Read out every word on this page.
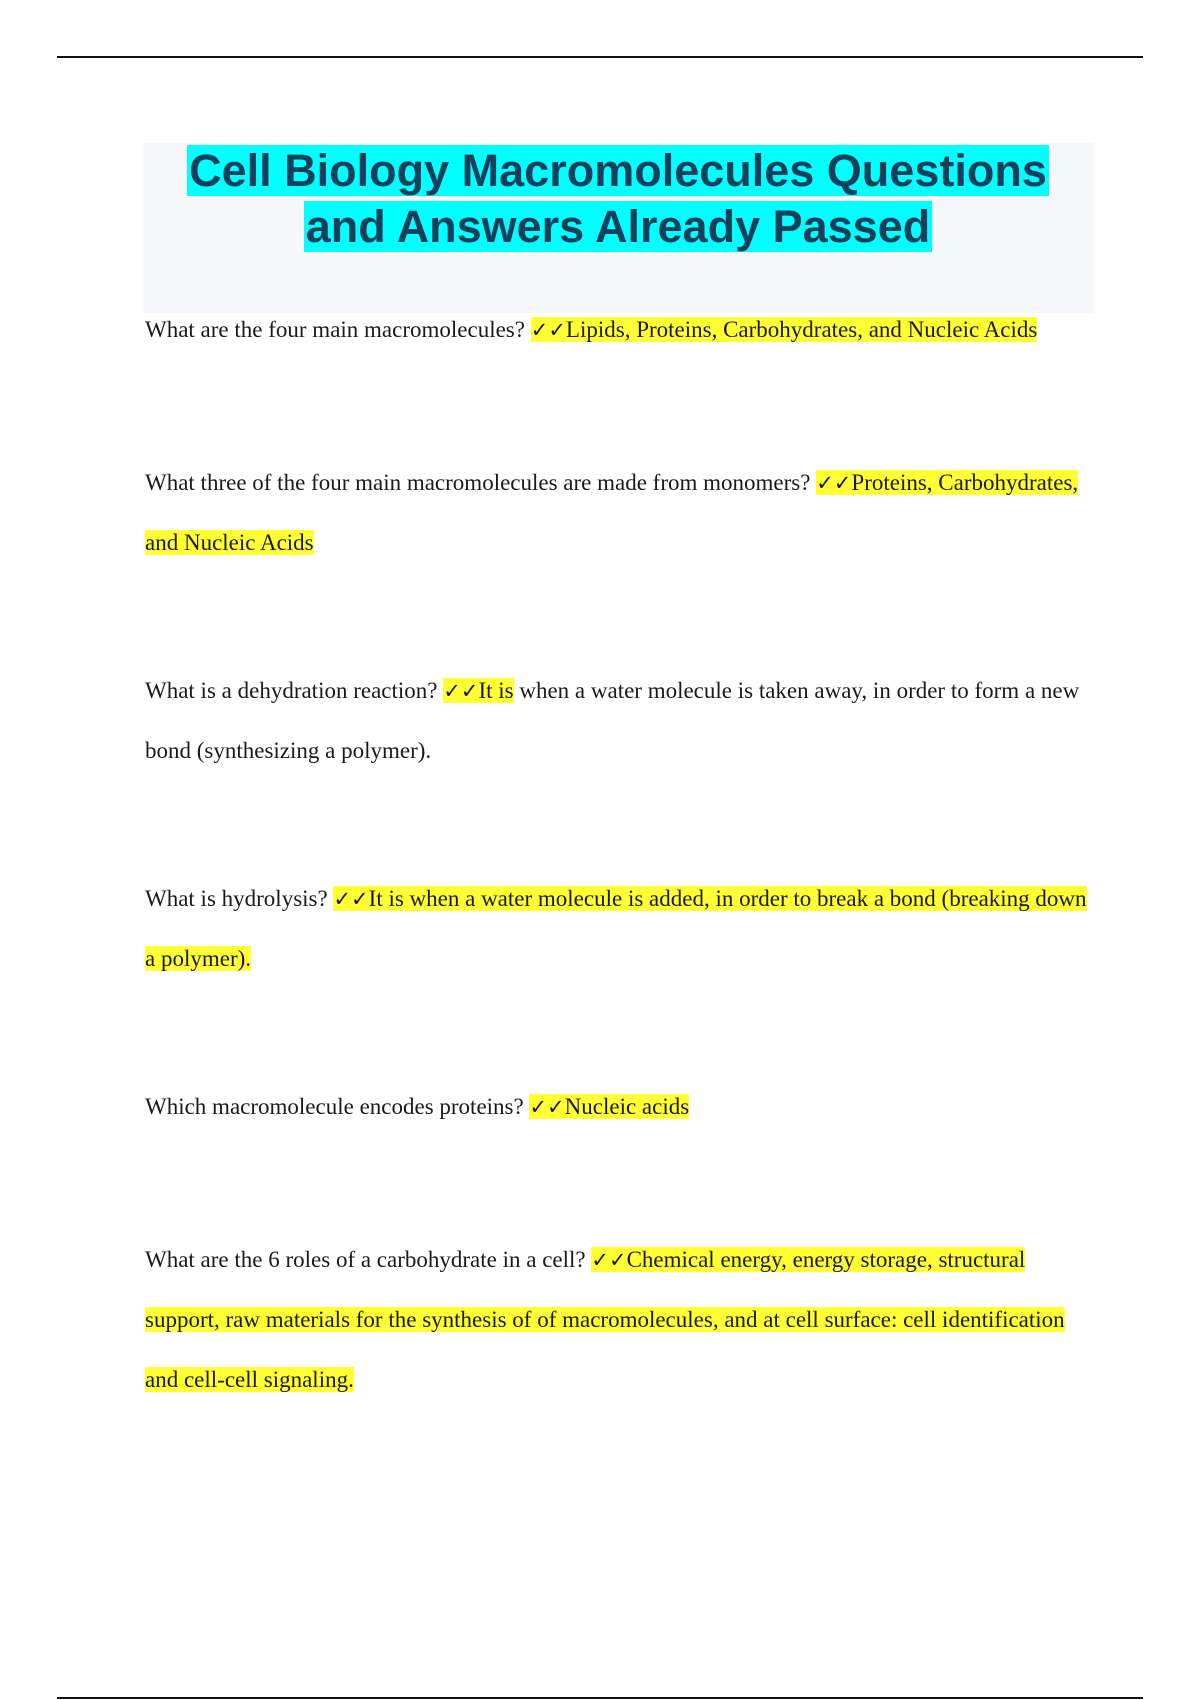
Cell Biology Macromolecules Questions
and Answers Already Passed

What are the four main macromolecules? ✓✓Lipids, Proteins, Carbohydrates, and Nucleic Acids

What three of the four main macromolecules are made from monomers? ✓✓Proteins, Carbohydrates, and Nucleic Acids

What is a dehydration reaction? ✓✓It is when a water molecule is taken away, in order to form a new bond (synthesizing a polymer).

What is hydrolysis? ✓✓It is when a water molecule is added, in order to break a bond (breaking down a polymer).

Which macromolecule encodes proteins? ✓✓Nucleic acids

What are the 6 roles of a carbohydrate in a cell? ✓✓Chemical energy, energy storage, structural support, raw materials for the synthesis of of macromolecules, and at cell surface: cell identification and cell-cell signaling.
